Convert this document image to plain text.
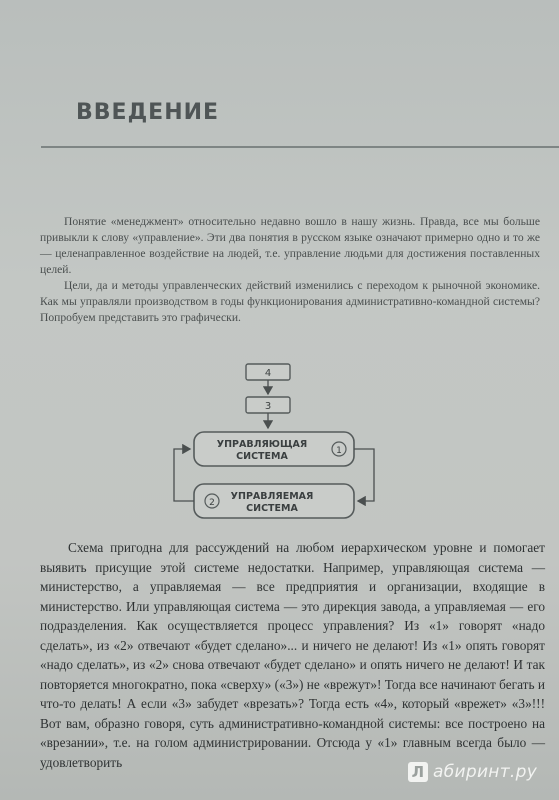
ВВЕДЕНИЕ

Понятие «менеджмент» относительно недавно вошло в нашу жизнь. Правда, все мы больше привыкли к слову «управление». Эти два понятия в русском языке означают примерно одно и то же — целенаправленное воздействие на людей, т.е. управление людьми для достижения поставленных целей.

Цели, да и методы управленческих действий изменились с переходом к рыночной экономике. Как мы управляли производством в годы функционирования административно-командной системы? Попробуем представить это графически.

4
3
УПРАВЛЯЮЩАЯ
СИСТЕМА	1
2
УПРАВЛЯЕМАЯ
СИСТЕМА

Схема пригодна для рассуждений на любом иерархическом уровне и помогает выявить присущие этой системе недостатки. Например, управляющая система — министерство, а управляемая — все предприятия и организации, входящие в министерство. Или управляющая система — это дирекция завода, а управляемая — его подразделения. Как осуществляется процесс управления? Из «1» говорят «надо сделать», из «2» отвечают «будет сделано»... и ничего не делают! Из «1» опять говорят «надо сделать», из «2» снова отвечают «будет сделано» и опять ничего не делают! И так повторяется многократно, пока «сверху» («3») не «врежут»! Тогда все начинают бегать и что-то делать! А если «3» забудет «врезать»? Тогда есть «4», который «врежет» «3»!!! Вот вам, образно говоря, суть административно-командной системы: все построено на «врезании», т.е. на голом администрировании. Отсюда у «1» главным всегда было — удовлетворить

Л абиринт.ру
